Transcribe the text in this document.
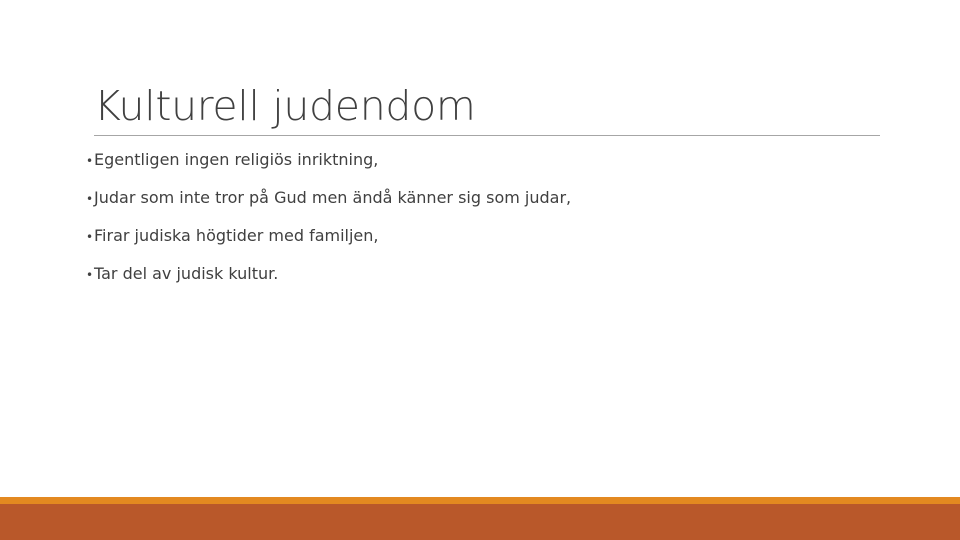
Kulturell judendom
• Egentligen ingen religiös inriktning,
• Judar som inte tror på Gud men ändå känner sig som judar,
• Firar judiska högtider med familjen,
• Tar del av judisk kultur.
